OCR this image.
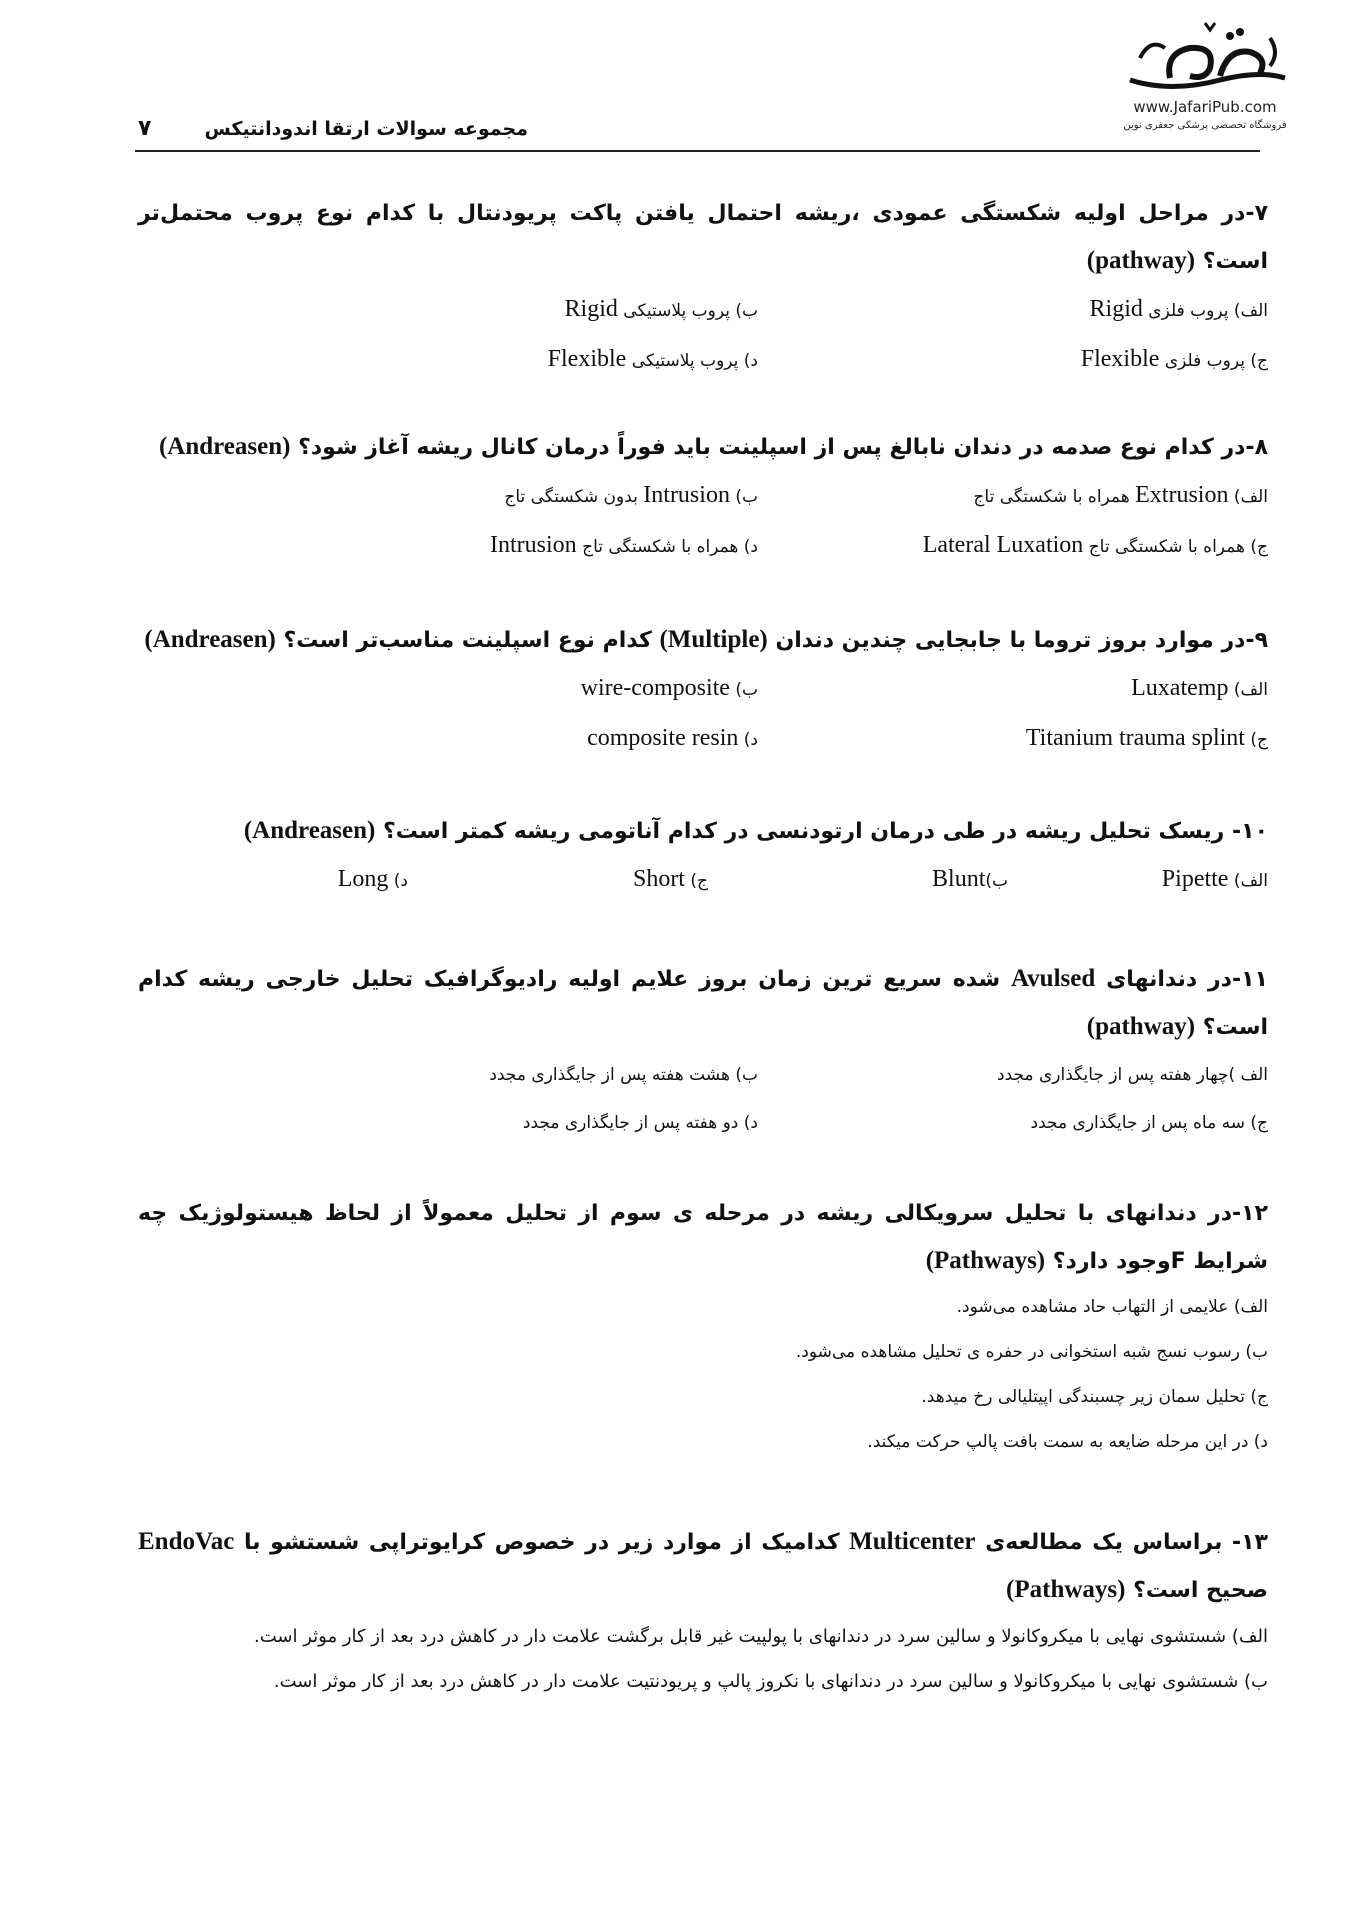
www.JafariPub.com
فروشگاه تخصصی پزشکی جعفری نوین
مجموعه سوالات ارتقا اندودانتیکس
۷
۷-در مراحل اولیه شکستگی عمودی ،ریشه احتمال یافتن پاکت پریودنتال با کدام نوع پروب محتمل‌تر است؟ (pathway)
الف) پروب فلزی Rigid
ب) پروب پلاستیکی Rigid
ج) پروب فلزی Flexible
د) پروب پلاستیکی Flexible
۸-در کدام نوع صدمه در دندان نابالغ پس از اسپلینت باید فوراً درمان کانال ریشه آغاز شود؟ (Andreasen)
الف) Extrusion همراه با شکستگی تاج
ب) Intrusion بدون شکستگی تاج
ج) همراه با شکستگی تاج Lateral Luxation
د) همراه با شکستگی تاج Intrusion
۹-در موارد بروز تروما با جابجایی چندین دندان (Multiple) کدام نوع اسپلینت مناسب‌تر است؟ (Andreasen)
الف) Luxatemp
ب) wire-composite
ج) Titanium trauma splint
د) composite resin
۱۰- ریسک تحلیل ریشه در طی درمان ارتودنسی در کدام آناتومی ریشه کمتر است؟ (Andreasen)
الف) Pipette
ب)Blunt
ج) Short
د) Long
۱۱-در دندانهای Avulsed شده سریع ترین زمان بروز علایم اولیه رادیوگرافیک تحلیل خارجی ریشه کدام است؟ (pathway)
الف )چهار هفته پس از جایگذاری مجدد
ب) هشت هفته پس از جایگذاری مجدد
ج) سه ماه پس از جایگذاری مجدد
د) دو هفته پس از جایگذاری مجدد
۱۲-در دندانهای با تحلیل سرویکالی ریشه در مرحله ی سوم از تحلیل معمولاً از لحاظ هیستولوژیک چه شرایط Fوجود دارد؟ (Pathways)
الف) علایمی از التهاب حاد مشاهده می‌شود.
ب) رسوب نسج شبه استخوانی در حفره ی تحلیل مشاهده می‌شود.
ج) تحلیل سمان زیر چسبندگی اپیتلیالی رخ میدهد.
د) در این مرحله ضایعه به سمت بافت پالپ حرکت میکند.
۱۳- براساس یک مطالعه‌ی Multicenter کدامیک از موارد زیر در خصوص کرایوتراپی شستشو با EndoVac صحیح است؟ (Pathways)
الف) شستشوی نهایی با میکروکانولا و سالین سرد در دندانهای با پولپیت غیر قابل برگشت علامت دار در کاهش درد بعد از کار موثر است.
ب) شستشوی نهایی با میکروکانولا و سالین سرد در دندانهای با نکروز پالپ و پریودنتیت علامت دار در کاهش درد بعد از کار موثر است.
